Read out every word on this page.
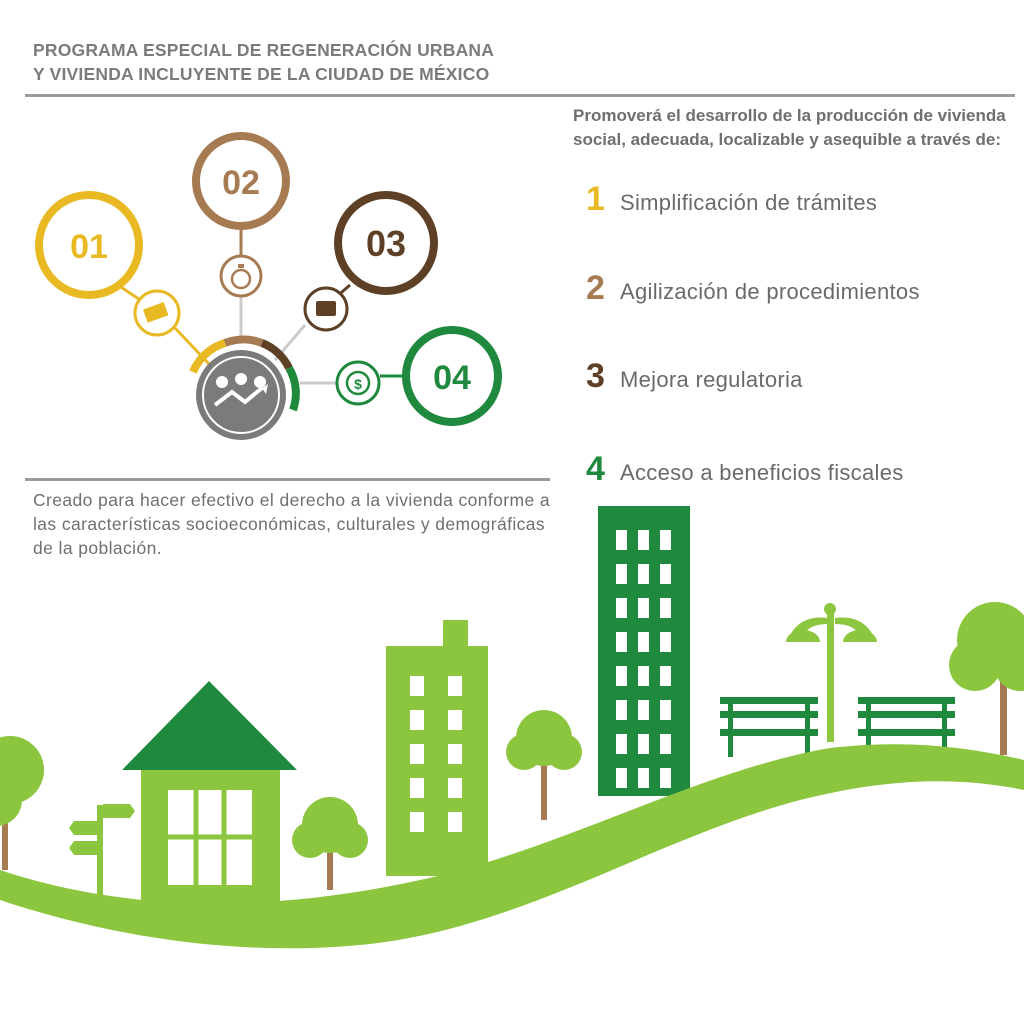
PROGRAMA ESPECIAL DE REGENERACIÓN URBANA
Y VIVIENDA INCLUYENTE DE LA CIUDAD DE MÉXICO
Promoverá el desarrollo de la producción de vivienda social, adecuada, localizable y asequible a través de:
1 Simplificación de trámites
2 Agilización de procedimientos
3 Mejora regulatoria
4 Acceso a beneficios fiscales
Creado para hacer efectivo el derecho a la vivienda conforme a las características socioeconómicas, culturales y demográficas de la población.
01
02
03
04
$
